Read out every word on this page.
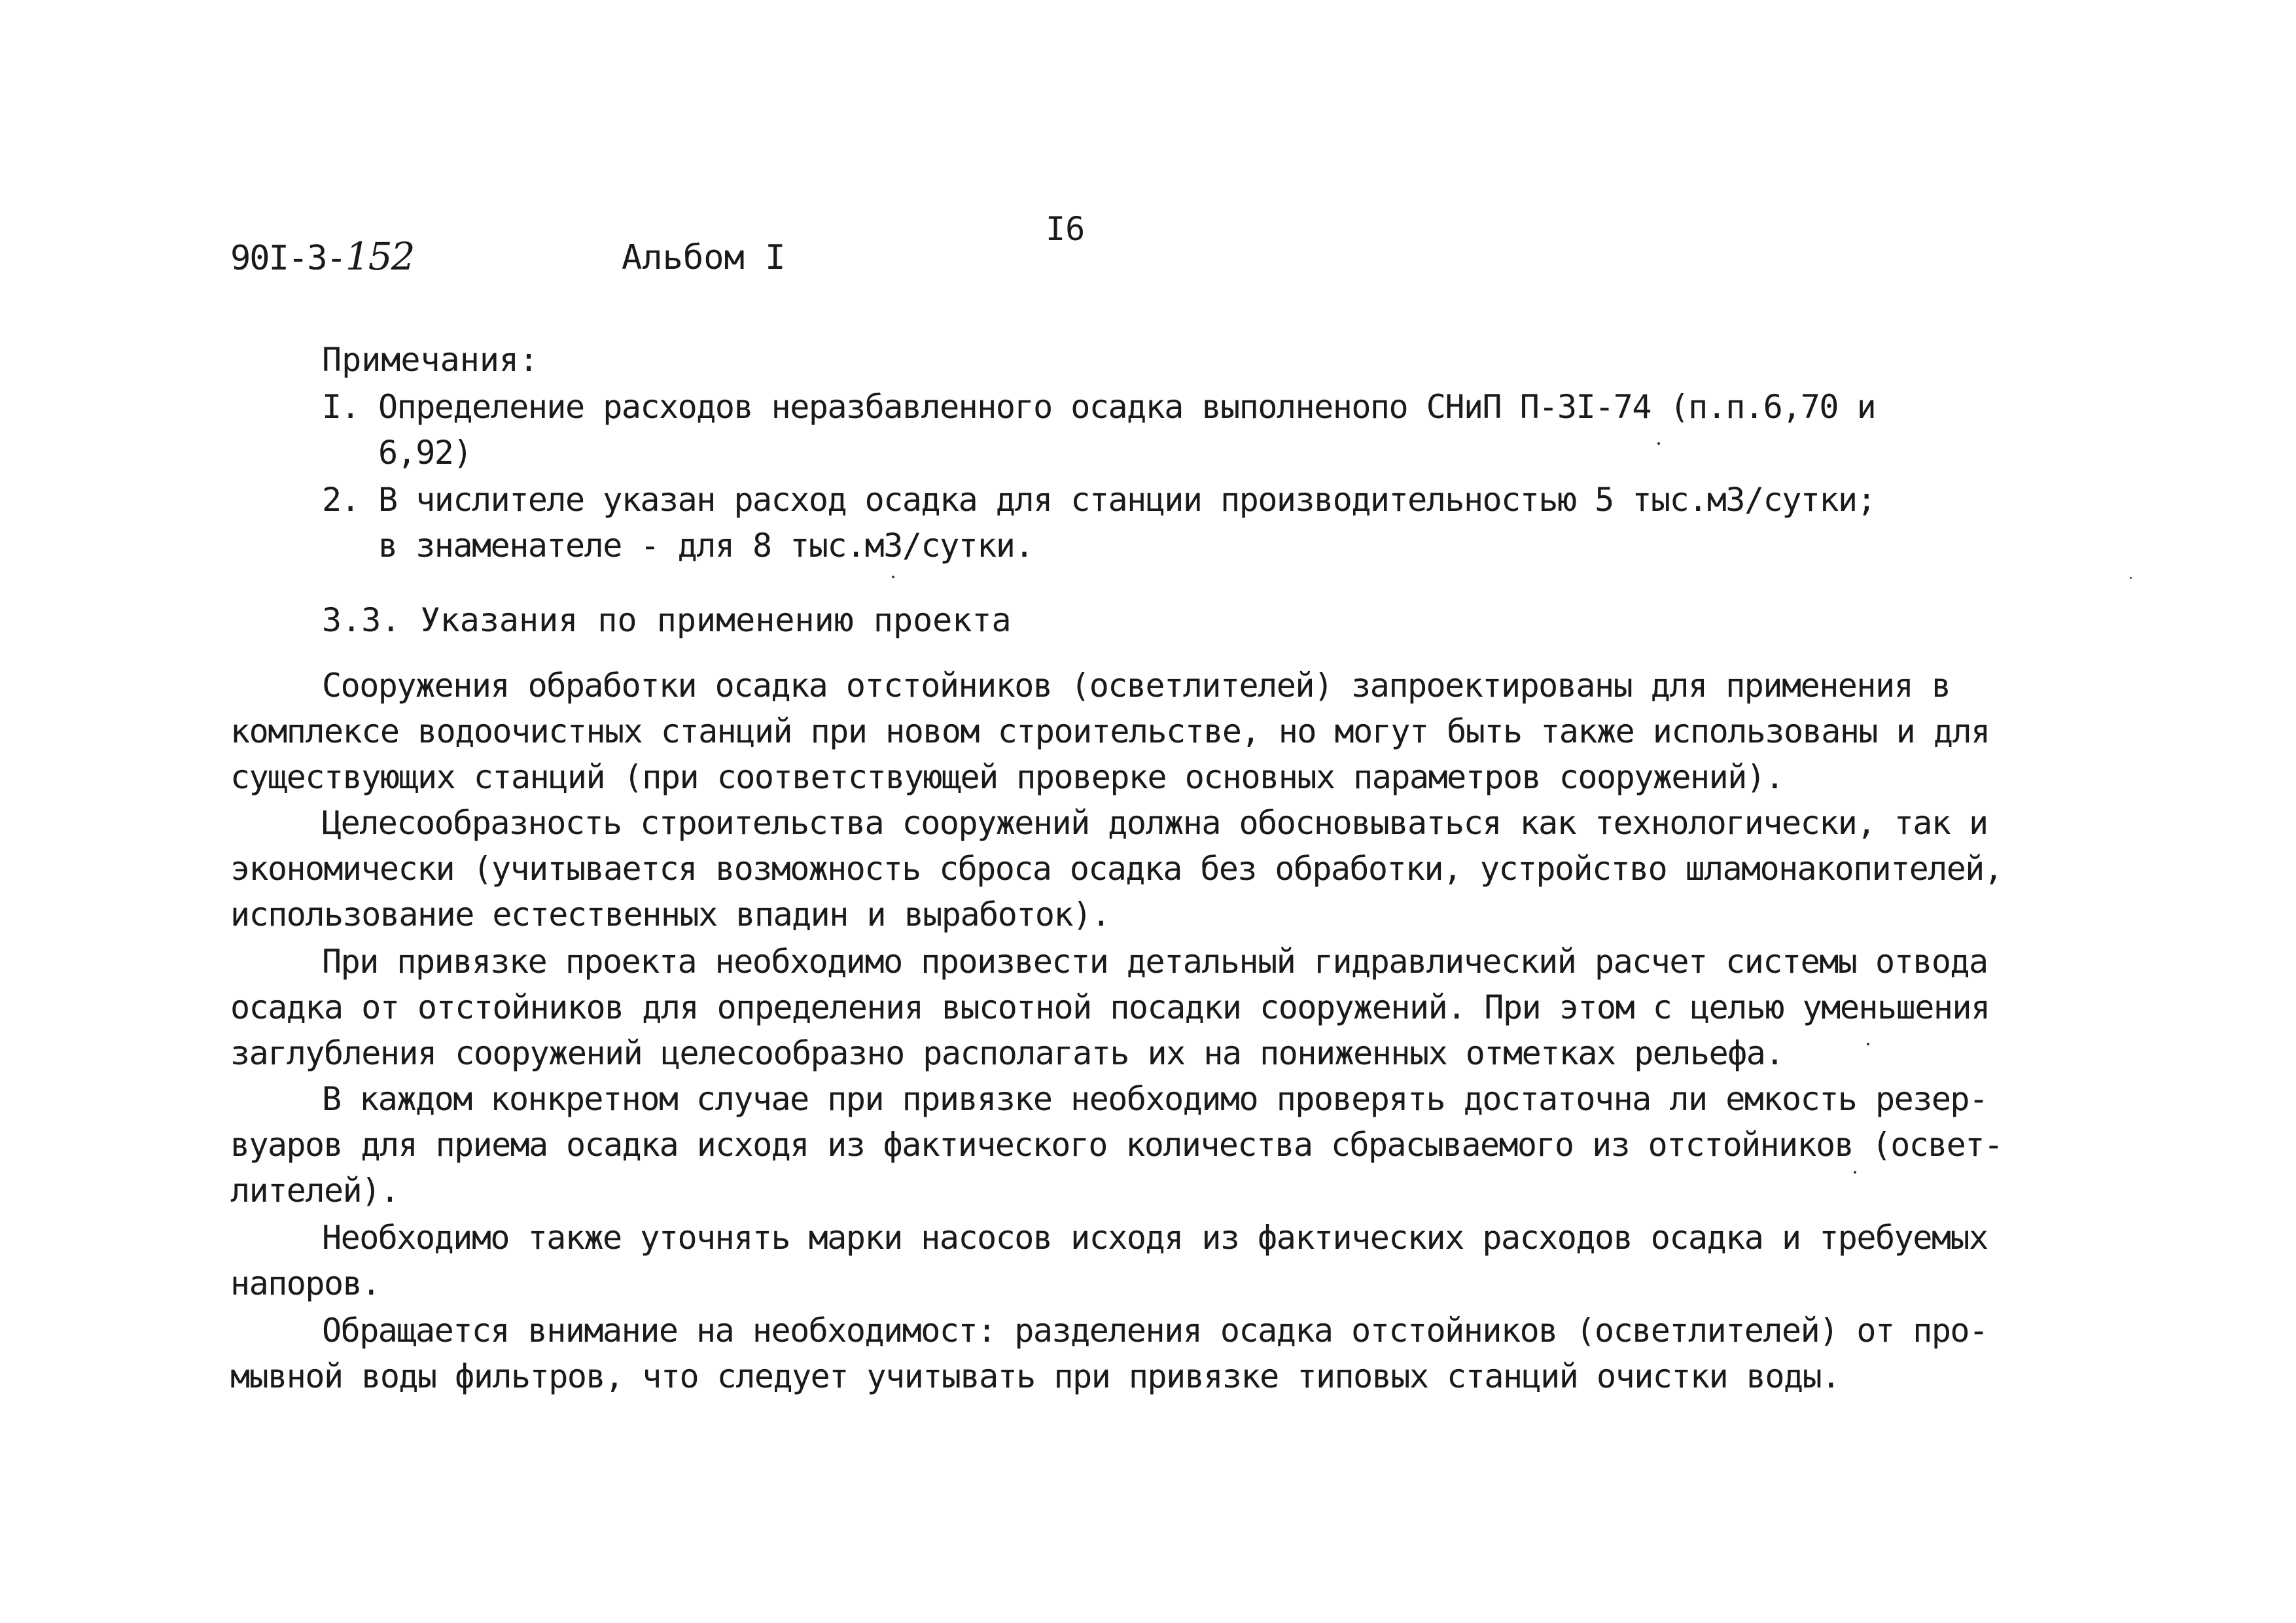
I6
90I-3-152	Альбом I
Примечания:
I. Определение расходов неразбавленного осадка выполненопо СНиП П-3I-74 (п.п.6,70 и
6,92)
2. В числителе указан расход осадка для станции производительностью 5 тыс.м3/сутки;
в знаменателе - для 8 тыс.м3/сутки.
3.3. Указания по применению проекта
Сооружения обработки осадка отстойников (осветлителей) запроектированы для применения в
комплексе водоочистных станций при новом строительстве, но могут быть также использованы и для
существующих станций (при соответствующей проверке основных параметров сооружений).
Целесообразность строительства сооружений должна обосновываться как технологически, так и
экономически (учитывается возможность сброса осадка без обработки, устройство шламонакопителей,
использование естественных впадин и выработок).
При привязке проекта необходимо произвести детальный гидравлический расчет системы отвода
осадка от отстойников для определения высотной посадки сооружений. При этом с целью уменьшения
заглубления сооружений целесообразно располагать их на пониженных отметках рельефа.
В каждом конкретном случае при привязке необходимо проверять достаточна ли емкость резер-
вуаров для приема осадка исходя из фактического количества сбрасываемого из отстойников (освет-
лителей).
Необходимо также уточнять марки насосов исходя из фактических расходов осадка и требуемых
напоров.
Обращается внимание на необходимост: разделения осадка отстойников (осветлителей) от про-
мывной воды фильтров, что следует учитывать при привязке типовых станций очистки воды.
